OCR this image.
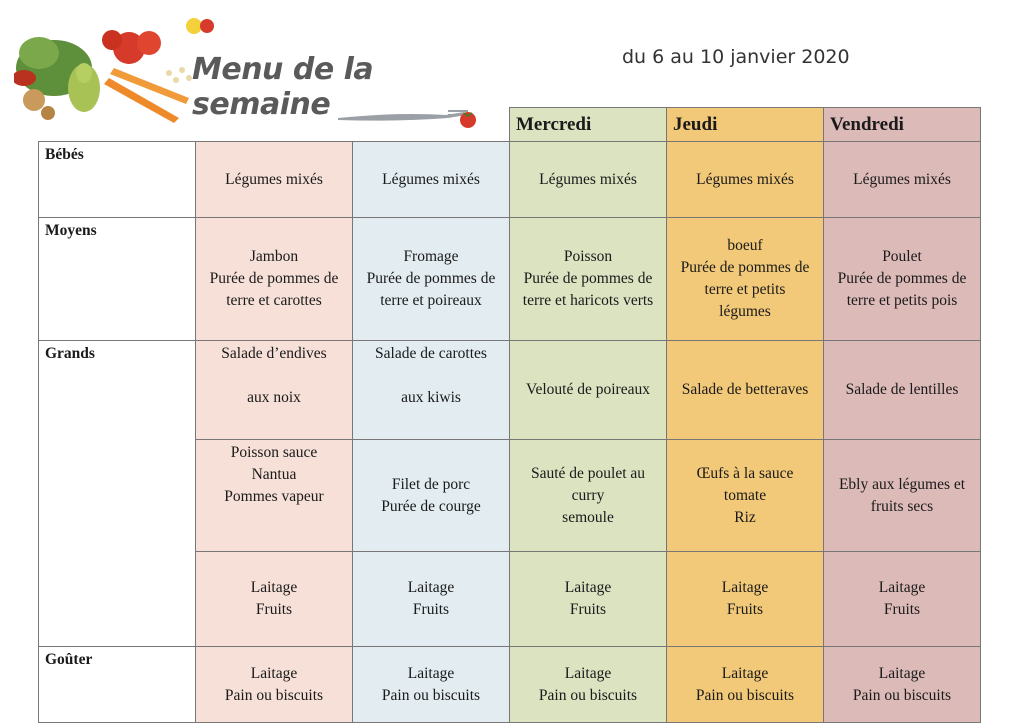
Menu de la semaine
du 6 au 10 janvier 2020
			Mercredi	Jeudi	Vendredi
Bébés	Légumes mixés	Légumes mixés	Légumes mixés	Légumes mixés	Légumes mixés
Moyens	Jambon
Purée de pommes de
terre et carottes	Fromage
Purée de pommes de
terre et poireaux	Poisson
Purée de pommes de
terre et haricots verts	boeuf
Purée de pommes de
terre et petits
légumes	Poulet
Purée de pommes de
terre et petits pois
Grands	Salade d’endives

aux noix	Salade de carottes

aux kiwis	Velouté de poireaux	Salade de betteraves	Salade de lentilles
	Poisson sauce
Nantua
Pommes vapeur	Filet de porc
Purée de courge	Sauté de poulet au
curry
semoule	Œufs à la sauce
tomate
Riz	Ebly aux légumes et
fruits secs
	Laitage
Fruits	Laitage
Fruits	Laitage
Fruits	Laitage
Fruits	Laitage
Fruits
Goûter	Laitage
Pain ou biscuits	Laitage
Pain ou biscuits	Laitage
Pain ou biscuits	Laitage
Pain ou biscuits	Laitage
Pain ou biscuits
